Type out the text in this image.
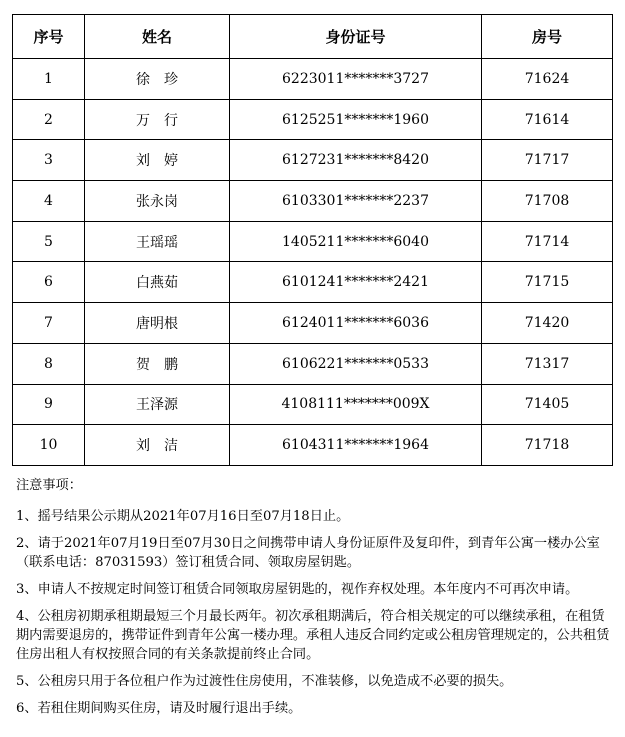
序号	姓名	身份证号	房号
1	徐　珍	6223011*******3727	71624
2	万　行	6125251*******1960	71614
3	刘　婷	6127231*******8420	71717
4	张永岗	6103301*******2237	71708
5	王瑶瑶	1405211*******6040	71714
6	白燕茹	6101241*******2421	71715
7	唐明根	6124011*******6036	71420
8	贺　鹏	6106221*******0533	71317
9	王泽源	4108111*******009X	71405
10	刘　洁	6104311*******1964	71718

注意事项：

1、摇号结果公示期从2021年07月16日至07月18日止。

2、请于2021年07月19日至07月30日之间携带申请人身份证原件及复印件，到青年公寓一楼办公室（联系电话：87031593）签订租赁合同、领取房屋钥匙。

3、申请人不按规定时间签订租赁合同领取房屋钥匙的，视作弃权处理。本年度内不可再次申请。

4、公租房初期承租期最短三个月最长两年。初次承租期满后，符合相关规定的可以继续承租，在租赁期内需要退房的，携带证件到青年公寓一楼办理。承租人违反合同约定或公租房管理规定的，公共租赁住房出租人有权按照合同的有关条款提前终止合同。

5、公租房只用于各位租户作为过渡性住房使用，不准装修，以免造成不必要的损失。

6、若租住期间购买住房，请及时履行退出手续。
